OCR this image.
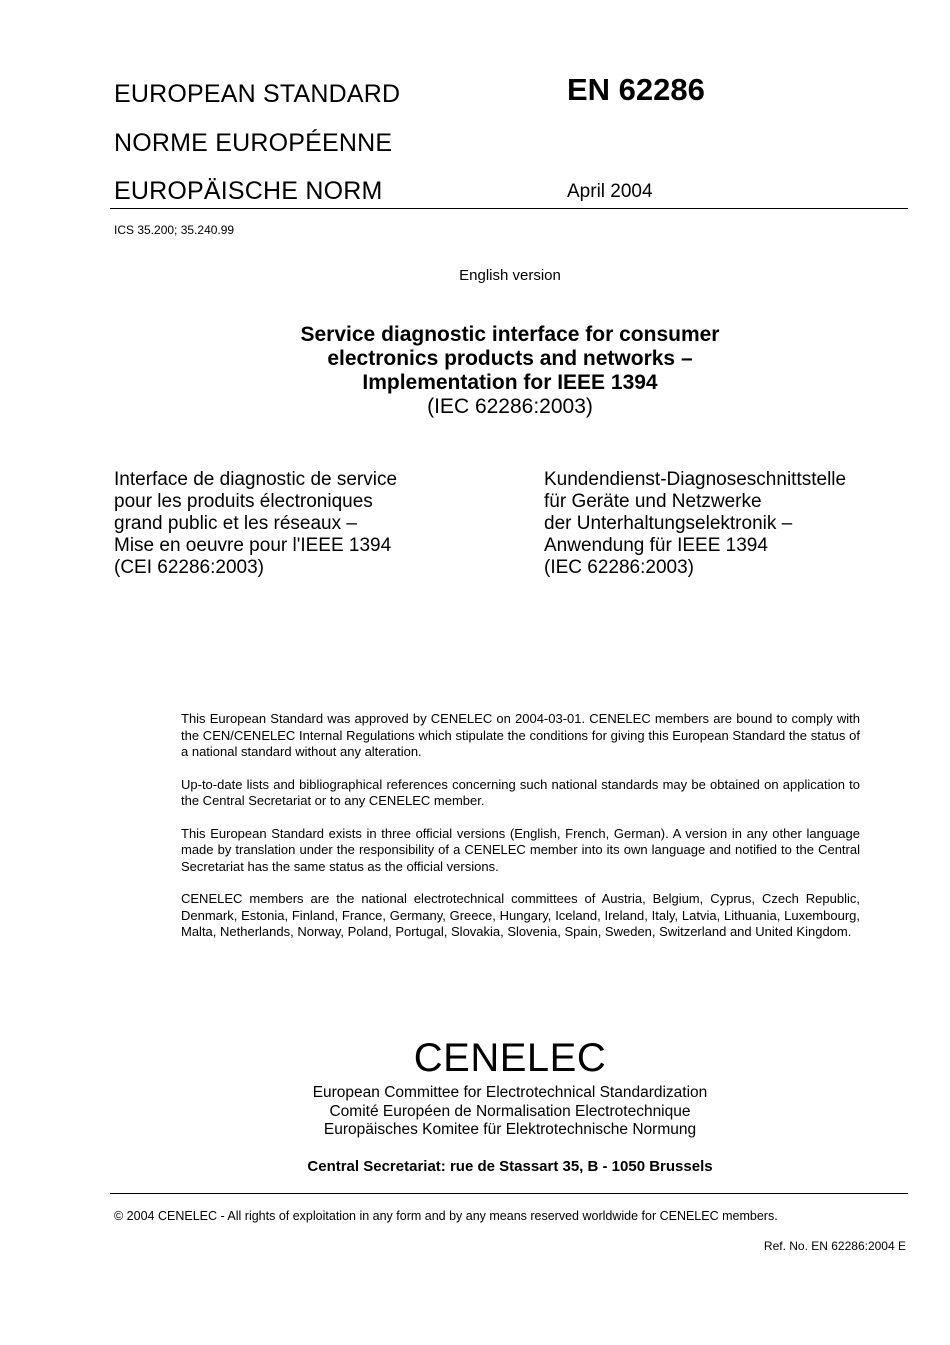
EUROPEAN STANDARD
NORME EUROPÉENNE
EUROPÄISCHE NORM
EN 62286
April 2004
ICS 35.200; 35.240.99
English version
Service diagnostic interface for consumer
electronics products and networks –
Implementation for IEEE 1394
(IEC 62286:2003)
Interface de diagnostic de service
pour les produits électroniques
grand public et les réseaux –
Mise en oeuvre pour l'IEEE 1394
(CEI 62286:2003)
Kundendienst-Diagnoseschnittstelle
für Geräte und Netzwerke
der Unterhaltungselektronik –
Anwendung für IEEE 1394
(IEC 62286:2003)

This European Standard was approved by CENELEC on 2004-03-01. CENELEC members are bound to comply with the CEN/CENELEC Internal Regulations which stipulate the conditions for giving this European Standard the status of a national standard without any alteration.

Up-to-date lists and bibliographical references concerning such national standards may be obtained on application to the Central Secretariat or to any CENELEC member.

This European Standard exists in three official versions (English, French, German). A version in any other language made by translation under the responsibility of a CENELEC member into its own language and notified to the Central Secretariat has the same status as the official versions.

CENELEC members are the national electrotechnical committees of Austria, Belgium, Cyprus, Czech Republic, Denmark, Estonia, Finland, France, Germany, Greece, Hungary, Iceland, Ireland, Italy, Latvia, Lithuania, Luxembourg, Malta, Netherlands, Norway, Poland, Portugal, Slovakia, Slovenia, Spain, Sweden, Switzerland and United Kingdom.

CENELEC
European Committee for Electrotechnical Standardization
Comité Européen de Normalisation Electrotechnique
Europäisches Komitee für Elektrotechnische Normung
Central Secretariat: rue de Stassart 35, B - 1050 Brussels
© 2004 CENELEC - All rights of exploitation in any form and by any means reserved worldwide for CENELEC members.
Ref. No. EN 62286:2004 E
